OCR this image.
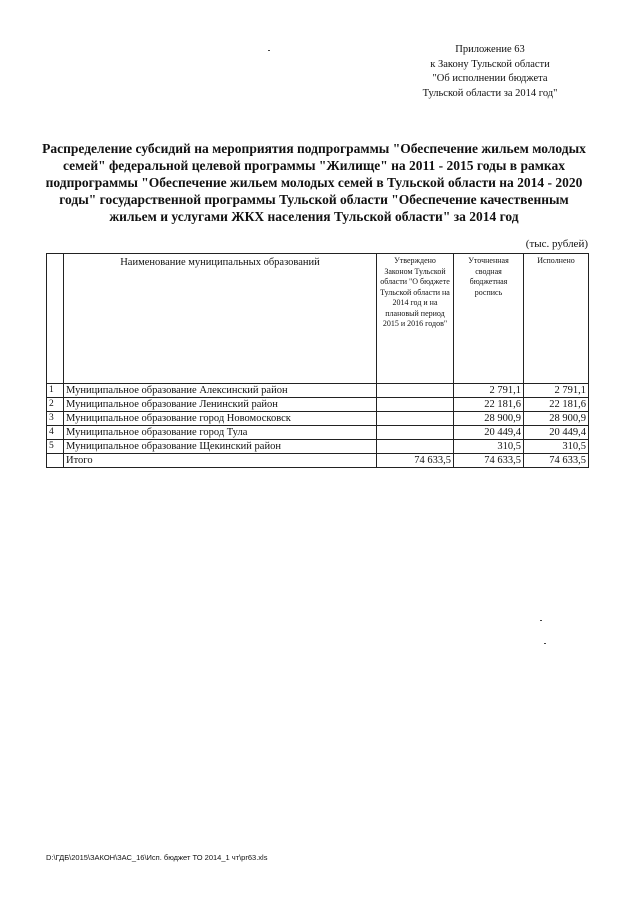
Приложение 63
к Закону Тульской области
"Об исполнении бюджета
Тульской области за 2014 год"
Распределение субсидий на мероприятия подпрограммы "Обеспечение жильем молодых семей" федеральной целевой программы "Жилище" на 2011 - 2015 годы в рамках подпрограммы "Обеспечение жильем молодых семей в Тульской области на 2014 - 2020 годы" государственной программы Тульской области "Обеспечение качественным жильем и услугами ЖКХ населения Тульской области" за 2014 год
(тыс. рублей)
	Наименование муниципальных образований	Утверждено Законом Тульской области "О бюджете Тульской области на 2014 год и на плановый период 2015 и 2016 годов"	Уточненная сводная бюджетная роспись	Исполнено
1	Муниципальное образование Алексинский район		2 791,1	2 791,1
2	Муниципальное образование Ленинский район		22 181,6	22 181,6
3	Муниципальное образование город Новомосковск		28 900,9	28 900,9
4	Муниципальное образование город Тула		20 449,4	20 449,4
5	Муниципальное образование Щекинский район		310,5	310,5
	Итого	74 633,5	74 633,5	74 633,5
D:\ГДБ\2015\ЗАКОН\ЗАС_16\Исп. бюджет ТО 2014_1 чт\pr63.xls
